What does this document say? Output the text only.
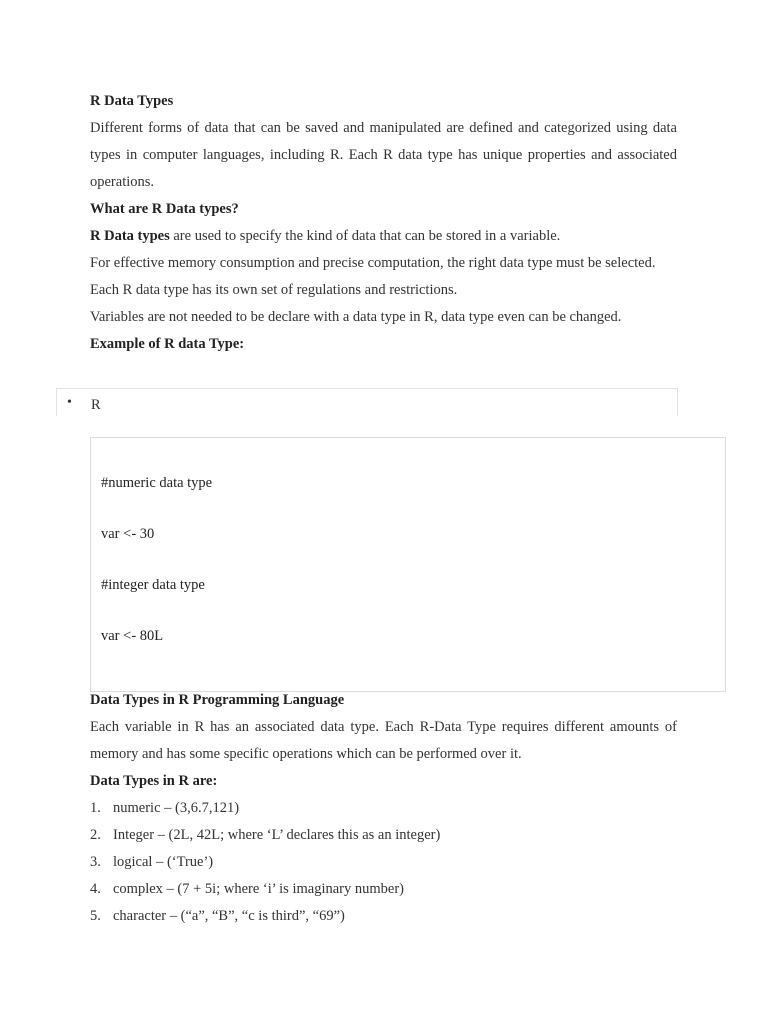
R Data Types

Different forms of data that can be saved and manipulated are defined and categorized using data types in computer languages, including R. Each R data type has unique properties and associated operations.

What are R Data types?

R Data types are used to specify the kind of data that can be stored in a variable.

For effective memory consumption and precise computation, the right data type must be selected.

Each R data type has its own set of regulations and restrictions.

Variables are not needed to be declare with a data type in R, data type even can be changed.

Example of R data Type:

• R
#numeric data type
var <- 30
#integer data type
var <- 80L

Data Types in R Programming Language

Each variable in R has an associated data type. Each R-Data Type requires different amounts of memory and has some specific operations which can be performed over it.

Data Types in R are:

1. numeric – (3,6.7,121)
2. Integer – (2L, 42L; where ‘L’ declares this as an integer)
3. logical – (‘True’)
4. complex – (7 + 5i; where ‘i’ is imaginary number)
5. character – (“a”, “B”, “c is third”, “69”)
